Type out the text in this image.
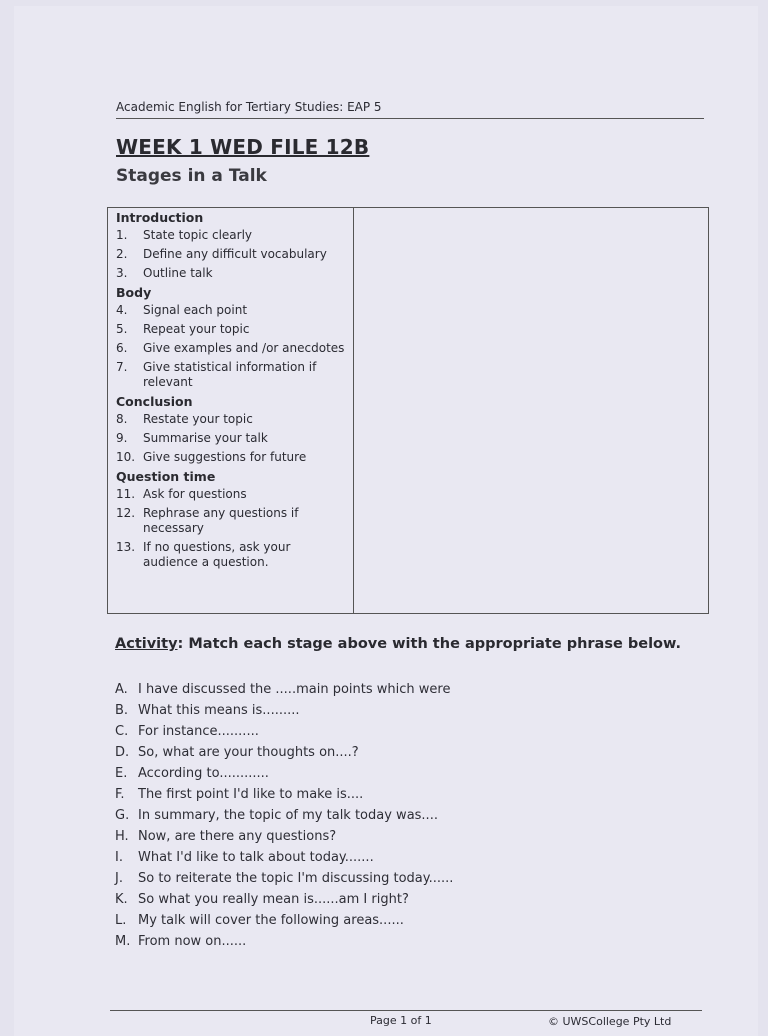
Academic English for Tertiary Studies: EAP 5
WEEK 1 WED FILE 12B
Stages in a Talk
Introduction
1.	State topic clearly
2.	Define any difficult vocabulary
3.	Outline talk
Body
4.	Signal each point
5.	Repeat your topic
6.	Give examples and /or anecdotes
7.	Give statistical information if relevant
Conclusion
8.	Restate your topic
9.	Summarise your talk
10. Give suggestions for future
Question time
11. Ask for questions
12. Rephrase any questions if necessary
13. If no questions, ask your audience a question.
Activity: Match each stage above with the appropriate phrase below.
A. I have discussed the .....main points which were
B. What this means is.........
C. For instance..........
D. So, what are your thoughts on....?
E. According to............
F.	The first point I'd like to make is....
G. In summary, the topic of my talk today was....
H. Now, are there any questions?
I.	What I'd like to talk about today.......
J.	So to reiterate the topic I'm discussing today......
K. So what you really mean is......am I right?
L. My talk will cover the following areas......
M. From now on......
Page 1 of 1	© UWSCollege Pty Ltd
